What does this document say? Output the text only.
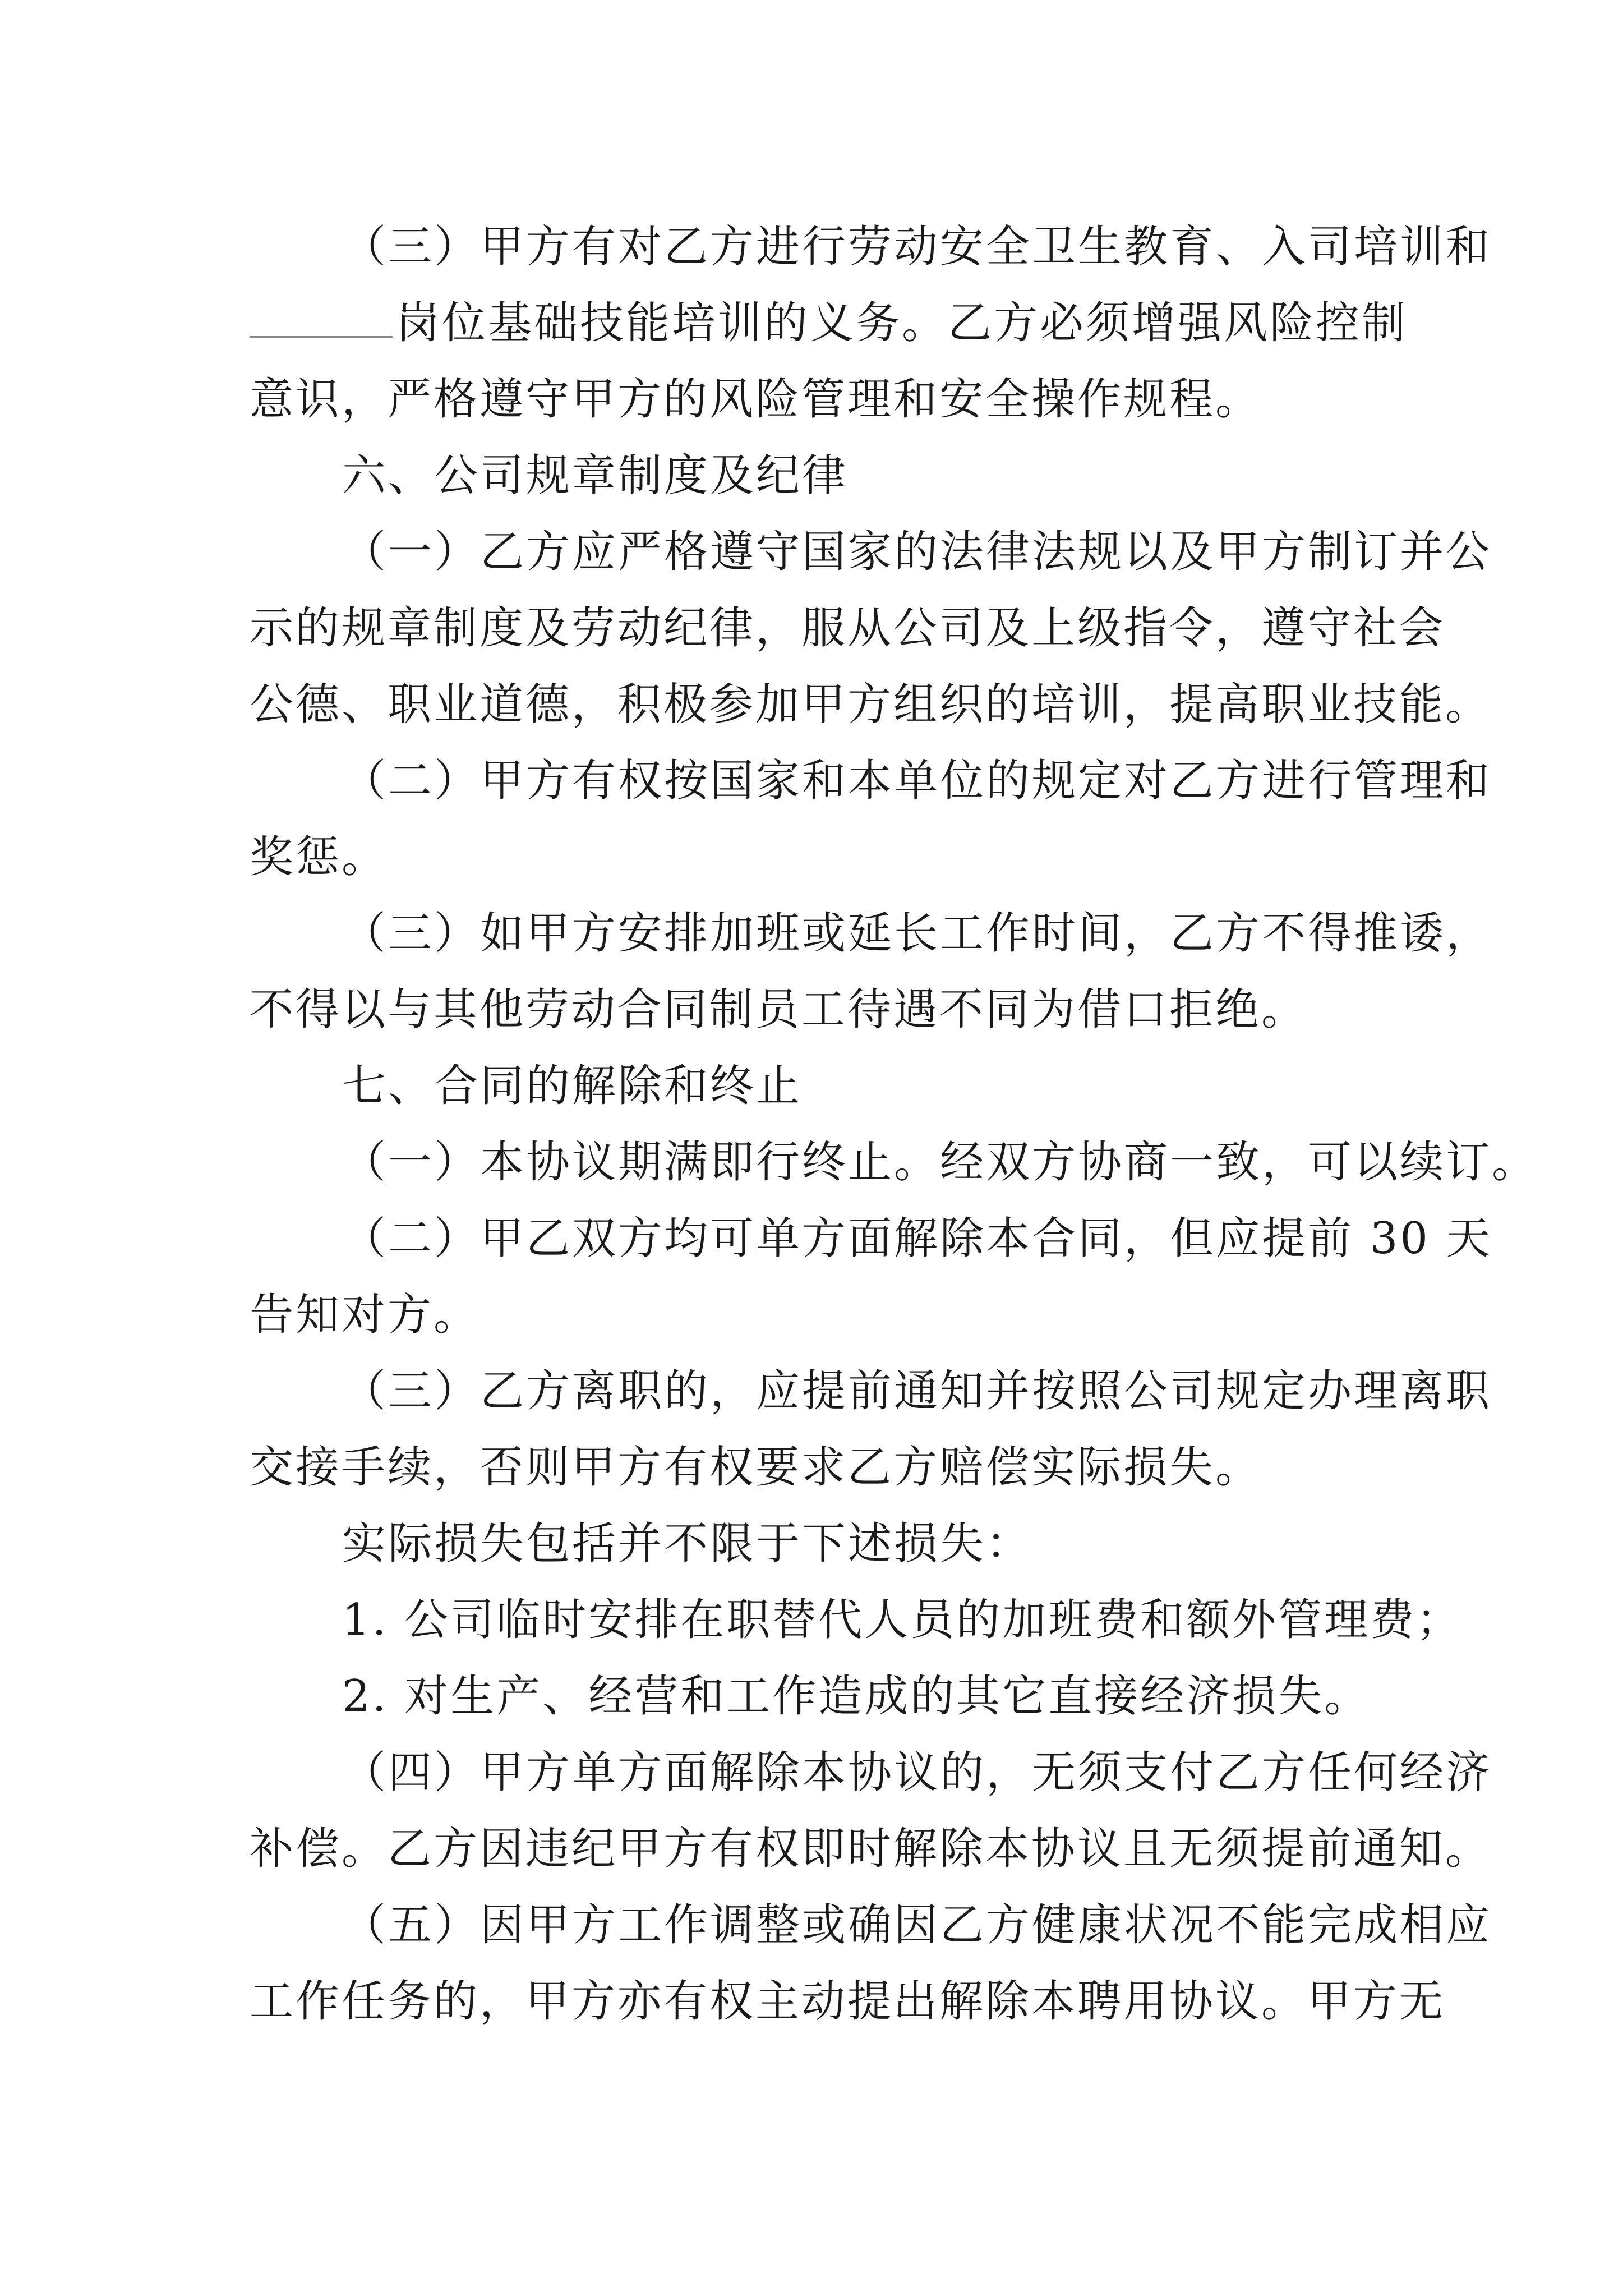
（三）甲方有对乙方进行劳动安全卫生教育、入司培训和
岗位基础技能培训的义务。乙方必须增强风险控制
意识，严格遵守甲方的风险管理和安全操作规程。
六、公司规章制度及纪律
（一）乙方应严格遵守国家的法律法规以及甲方制订并公
示的规章制度及劳动纪律，服从公司及上级指令，遵守社会
公德、职业道德，积极参加甲方组织的培训，提高职业技能。
（二）甲方有权按国家和本单位的规定对乙方进行管理和
奖惩。
（三）如甲方安排加班或延长工作时间，乙方不得推诿，
不得以与其他劳动合同制员工待遇不同为借口拒绝。
七、合同的解除和终止
（一）本协议期满即行终止。经双方协商一致，可以续订。
（二）甲乙双方均可单方面解除本合同，但应提前 30 天
告知对方。
（三）乙方离职的，应提前通知并按照公司规定办理离职
交接手续，否则甲方有权要求乙方赔偿实际损失。
实际损失包括并不限于下述损失：
1. 公司临时安排在职替代人员的加班费和额外管理费；
2. 对生产、经营和工作造成的其它直接经济损失。
（四）甲方单方面解除本协议的，无须支付乙方任何经济
补偿。乙方因违纪甲方有权即时解除本协议且无须提前通知。
（五）因甲方工作调整或确因乙方健康状况不能完成相应
工作任务的，甲方亦有权主动提出解除本聘用协议。甲方无
